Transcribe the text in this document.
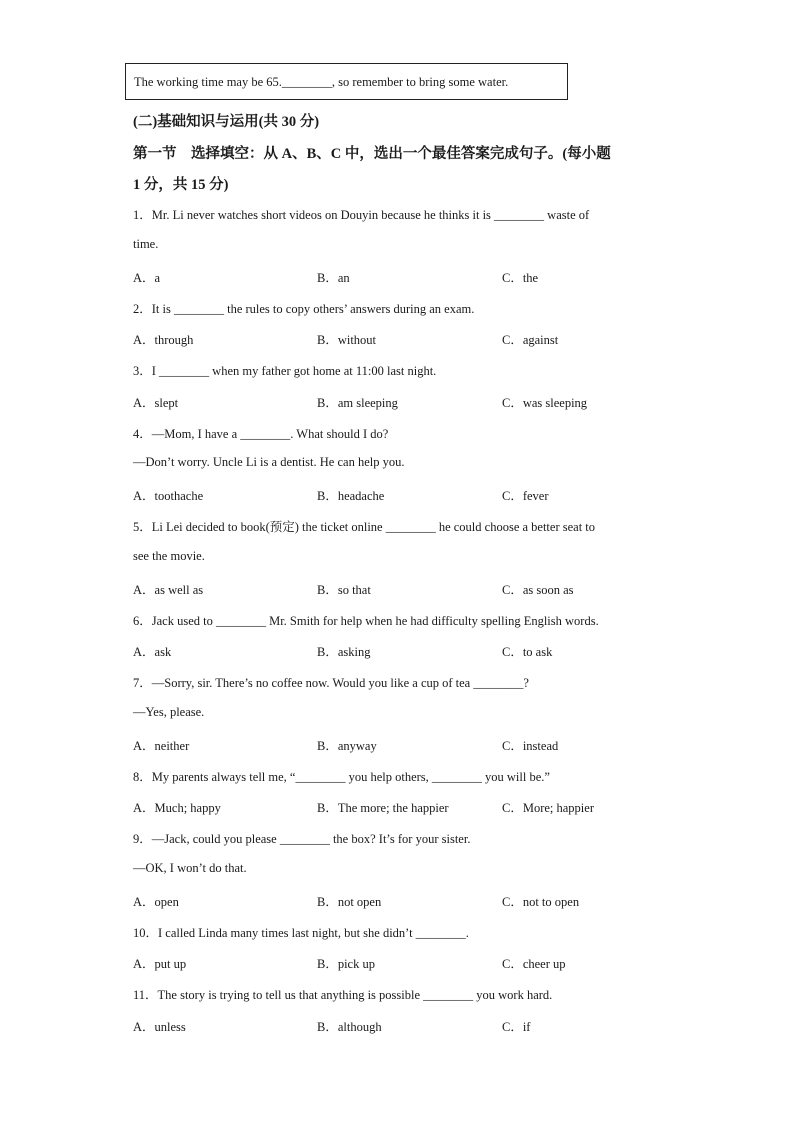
The working time may be 65.________, so remember to bring some water.
(二)基础知识与运用(共 30 分)
第一节　选择填空：从 A、B、C 中，选出一个最佳答案完成句子。(每小题
1 分，共 15 分)
1．Mr. Li never watches short videos on Douyin because he thinks it is ________ waste of
time.
A．a	B．an	C．the
2．It is ________ the rules to copy others’ answers during an exam.
A．through	B．without	C．against
3．I ________ when my father got home at 11:00 last night.
A．slept	B．am sleeping	C．was sleeping
4．—Mom, I have a ________. What should I do?
—Don’t worry. Uncle Li is a dentist. He can help you.
A．toothache	B．headache	C．fever
5．Li Lei decided to book(预定) the ticket online ________ he could choose a better seat to
see the movie.
A．as well as	B．so that	C．as soon as
6．Jack used to ________ Mr. Smith for help when he had difficulty spelling English words.
A．ask	B．asking	C．to ask
7．—Sorry, sir. There’s no coffee now. Would you like a cup of tea ________?
—Yes, please.
A．neither	B．anyway	C．instead
8．My parents always tell me, “________ you help others, ________ you will be.”
A．Much; happy	B．The more; the happier	C．More; happier
9．—Jack, could you please ________ the box? It’s for your sister.
—OK, I won’t do that.
A．open	B．not open	C．not to open
10．I called Linda many times last night, but she didn’t ________.
A．put up	B．pick up	C．cheer up
11．The story is trying to tell us that anything is possible ________ you work hard.
A．unless	B．although	C．if
